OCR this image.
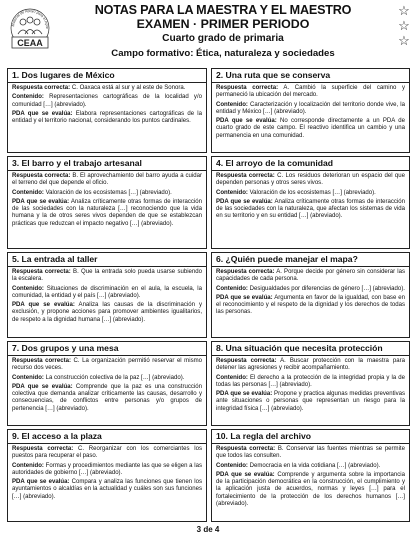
Material de Apoyo para el Apre
CEAA
NOTAS PARA LA MAESTRA Y EL MAESTRO
EXAMEN · PRIMER PERIODO
Cuarto grado de primaria
Campo formativo: Ética, naturaleza y sociedades
☆
☆
☆
1. Dos lugares de México

Respuesta correcta: C. Oaxaca está al sur y al este de Sonora.

Contenido: Representaciones cartográficas de la localidad y/o comunidad […] (abreviado).

PDA que se evalúa: Elabora representaciones cartográficas de la entidad y el territorio nacional, considerando los puntos cardinales.

2. Una ruta que se conserva

Respuesta correcta: A. Cambió la superficie del camino y permaneció la ubicación del mercado.

Contenido: Caracterización y localización del territorio donde vive, la entidad y México […] (abreviado).

PDA que se evalúa: No corresponde directamente a un PDA de cuarto grado de este campo. El reactivo identifica un cambio y una permanencia en una comunidad.

3. El barro y el trabajo artesanal

Respuesta correcta: B. El aprovechamiento del barro ayuda a cuidar el terreno del que depende el oficio.

Contenido: Valoración de los ecosistemas […] (abreviado).

PDA que se evalúa: Analiza críticamente otras formas de interacción de las sociedades con la naturaleza […] reconociendo que la vida humana y la de otros seres vivos dependen de que se establezcan prácticas que reduzcan el impacto negativo […] (abreviado).

4. El arroyo de la comunidad

Respuesta correcta: C. Los residuos deterioran un espacio del que dependen personas y otros seres vivos.

Contenido: Valoración de los ecosistemas […] (abreviado).

PDA que se evalúa: Analiza críticamente otras formas de interacción de las sociedades con la naturaleza, que afectan los sistemas de vida en su territorio y en su entidad […] (abreviado).

5. La entrada al taller

Respuesta correcta: B. Que la entrada solo pueda usarse subiendo la escalera.

Contenido: Situaciones de discriminación en el aula, la escuela, la comunidad, la entidad y el país […] (abreviado).

PDA que se evalúa: Analiza las causas de la discriminación y exclusión, y propone acciones para promover ambientes igualitarios, de respeto a la dignidad humana […] (abreviado).

6. ¿Quién puede manejar el mapa?

Respuesta correcta: A. Porque decide por género sin considerar las capacidades de cada persona.

Contenido: Desigualdades por diferencias de género […] (abreviado).

PDA que se evalúa: Argumenta en favor de la igualdad, con base en el reconocimiento y el respeto de la dignidad y los derechos de todas las personas.

7. Dos grupos y una mesa

Respuesta correcta: C. La organización permitió reservar el mismo recurso dos veces.

Contenido: La construcción colectiva de la paz […] (abreviado).

PDA que se evalúa: Comprende que la paz es una construcción colectiva que demanda analizar críticamente las causas, desarrollo y consecuencias, de conflictos entre personas y/o grupos de pertenencia […] (abreviado).

8. Una situación que necesita protección

Respuesta correcta: A. Buscar protección con la maestra para detener las agresiones y recibir acompañamiento.

Contenido: El derecho a la protección de la integridad propia y la de todas las personas […] (abreviado).

PDA que se evalúa: Propone y practica algunas medidas preventivas ante situaciones o personas que representan un riesgo para la integridad física […] (abreviado).

9. El acceso a la plaza

Respuesta correcta: C. Reorganizar con los comerciantes los puestos para recuperar el paso.

Contenido: Formas y procedimientos mediante las que se eligen a las autoridades de gobierno […] (abreviado).

PDA que se evalúa: Compara y analiza las funciones que tienen los ayuntamientos o alcaldías en la actualidad y cuáles son sus funciones […] (abreviado).

10. La regla del archivo

Respuesta correcta: B. Conservar las fuentes mientras se permite que todos las consulten.

Contenido: Democracia en la vida cotidiana […] (abreviado).

PDA que se evalúa: Comprende y argumenta sobre la importancia de la participación democrática en la construcción, el cumplimiento y la aplicación justa de acuerdos, normas y leyes […] para el fortalecimiento de la protección de los derechos humanos […] (abreviado).

3 de 4
